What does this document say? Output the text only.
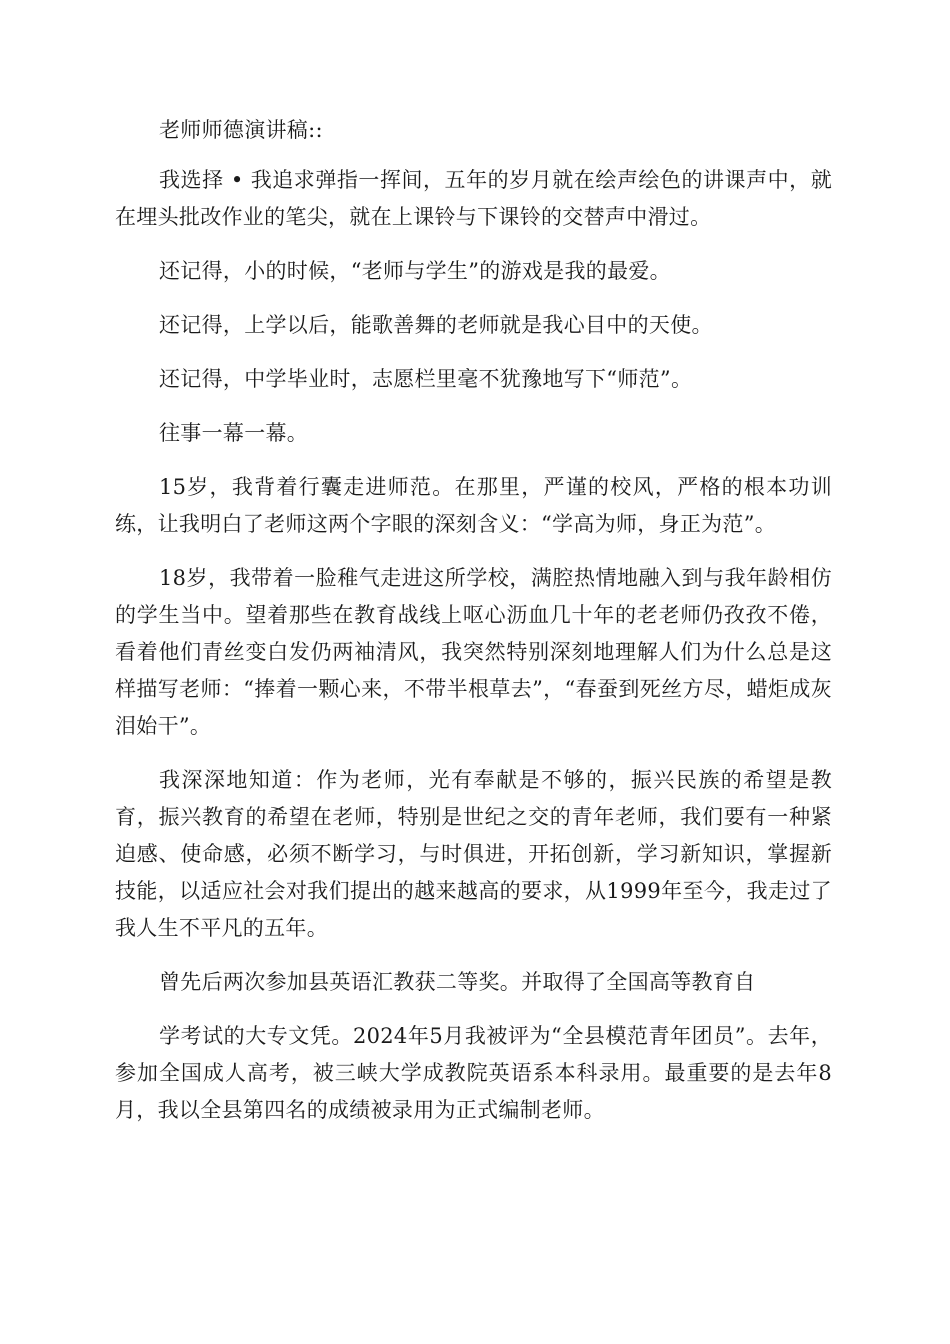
老师师德演讲稿::

我选择 • 我追求弹指一挥间，五年的岁月就在绘声绘色的讲课声中，就在埋头批改作业的笔尖，就在上课铃与下课铃的交替声中滑过。

还记得，小的时候，“老师与学生”的游戏是我的最爱。

还记得，上学以后，能歌善舞的老师就是我心目中的天使。

还记得，中学毕业时，志愿栏里毫不犹豫地写下“师范”。

往事一幕一幕。

15岁，我背着行囊走进师范。在那里，严谨的校风，严格的根本功训练，让我明白了老师这两个字眼的深刻含义：“学高为师，身正为范”。

18岁，我带着一脸稚气走进这所学校，满腔热情地融入到与我年龄相仿的学生当中。望着那些在教育战线上呕心沥血几十年的老老师仍孜孜不倦，看着他们青丝变白发仍两袖清风，我突然特别深刻地理解人们为什么总是这样描写老师：“捧着一颗心来，不带半根草去”，“春蚕到死丝方尽，蜡炬成灰泪始干”。

我深深地知道：作为老师，光有奉献是不够的，振兴民族的希望是教育，振兴教育的希望在老师，特别是世纪之交的青年老师，我们要有一种紧迫感、使命感，必须不断学习，与时俱进，开拓创新，学习新知识，掌握新技能，以适应社会对我们提出的越来越高的要求，从1999年至今，我走过了我人生不平凡的五年。

曾先后两次参加县英语汇教获二等奖。并取得了全国高等教育自

学考试的大专文凭。2024年5月我被评为“全县模范青年团员”。去年，参加全国成人高考，被三峡大学成教院英语系本科录用。最重要的是去年8月，我以全县第四名的成绩被录用为正式编制老师。
